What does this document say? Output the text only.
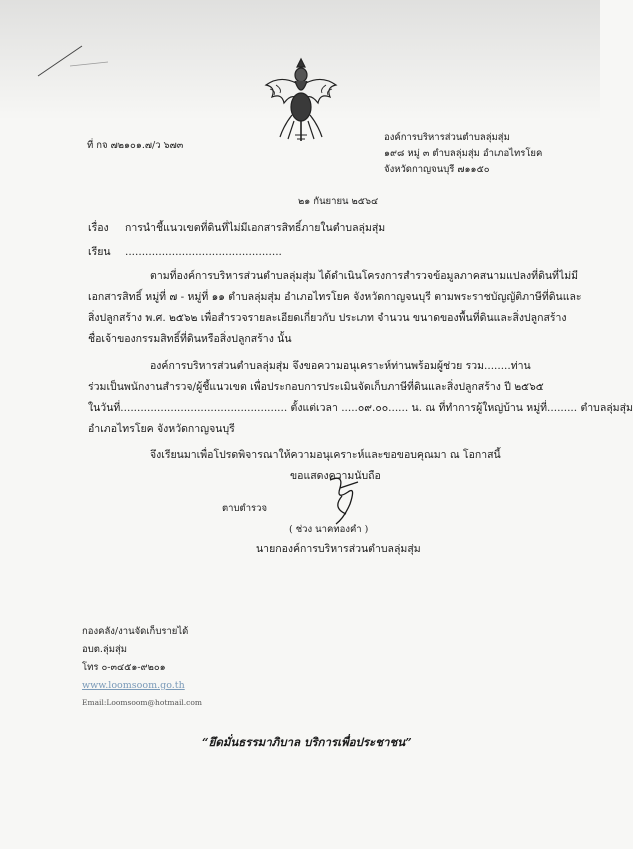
ที่ กจ ๗๒๑๐๑.๗/ว ๖๗๓
องค์การบริหารส่วนตำบลลุ่มสุ่ม
๑๙๘ หมู่ ๓ ตำบลลุ่มสุ่ม อำเภอไทรโยค
จังหวัดกาญจนบุรี ๗๑๑๕๐
๒๑ กันยายน ๒๕๖๔
เรื่อง การนำชี้แนวเขตที่ดินที่ไม่มีเอกสารสิทธิ์ภายในตำบลลุ่มสุ่ม
เรียน ...............................................
ตามที่องค์การบริหารส่วนตำบลลุ่มสุ่ม ได้ดำเนินโครงการสำรวจข้อมูลภาคสนามแปลงที่ดินที่ไม่มี
เอกสารสิทธิ์ หมู่ที่ ๗ - หมู่ที่ ๑๑ ตำบลลุ่มสุ่ม อำเภอไทรโยค จังหวัดกาญจนบุรี ตามพระราชบัญญัติภาษีที่ดินและ
สิ่งปลูกสร้าง พ.ศ. ๒๕๖๒ เพื่อสำรวจรายละเอียดเกี่ยวกับ ประเภท จำนวน ขนาดของพื้นที่ดินและสิ่งปลูกสร้าง
ชื่อเจ้าของกรรมสิทธิ์ที่ดินหรือสิ่งปลูกสร้าง นั้น
องค์การบริหารส่วนตำบลลุ่มสุ่ม จึงขอความอนุเคราะห์ท่านพร้อมผู้ช่วย รวม........ท่าน
ร่วมเป็นพนักงานสำรวจ/ผู้ชี้แนวเขต เพื่อประกอบการประเมินจัดเก็บภาษีที่ดินและสิ่งปลูกสร้าง ปี ๒๕๖๕
ในวันที่.................................................. ตั้งแต่เวลา .....๐๙.๐๐...... น. ณ ที่ทำการผู้ใหญ่บ้าน หมู่ที่......... ตำบลลุ่มสุ่ม
อำเภอไทรโยค จังหวัดกาญจนบุรี
จึงเรียนมาเพื่อโปรดพิจารณาให้ความอนุเคราะห์และขอขอบคุณมา ณ โอกาสนี้
ขอแสดงความนับถือ
ตาบตำรวจ
( ช่วง นาคทองคำ )
นายกองค์การบริหารส่วนตำบลลุ่มสุ่ม
กองคลัง/งานจัดเก็บรายได้
อบต.ลุ่มสุ่ม
โทร ๐-๓๔๕๑-๙๒๐๑
www.loomsoom.go.th
Email:Loomsoom@hotmail.com
“ยึดมั่นธรรมาภิบาล บริการเพื่อประชาชน”
